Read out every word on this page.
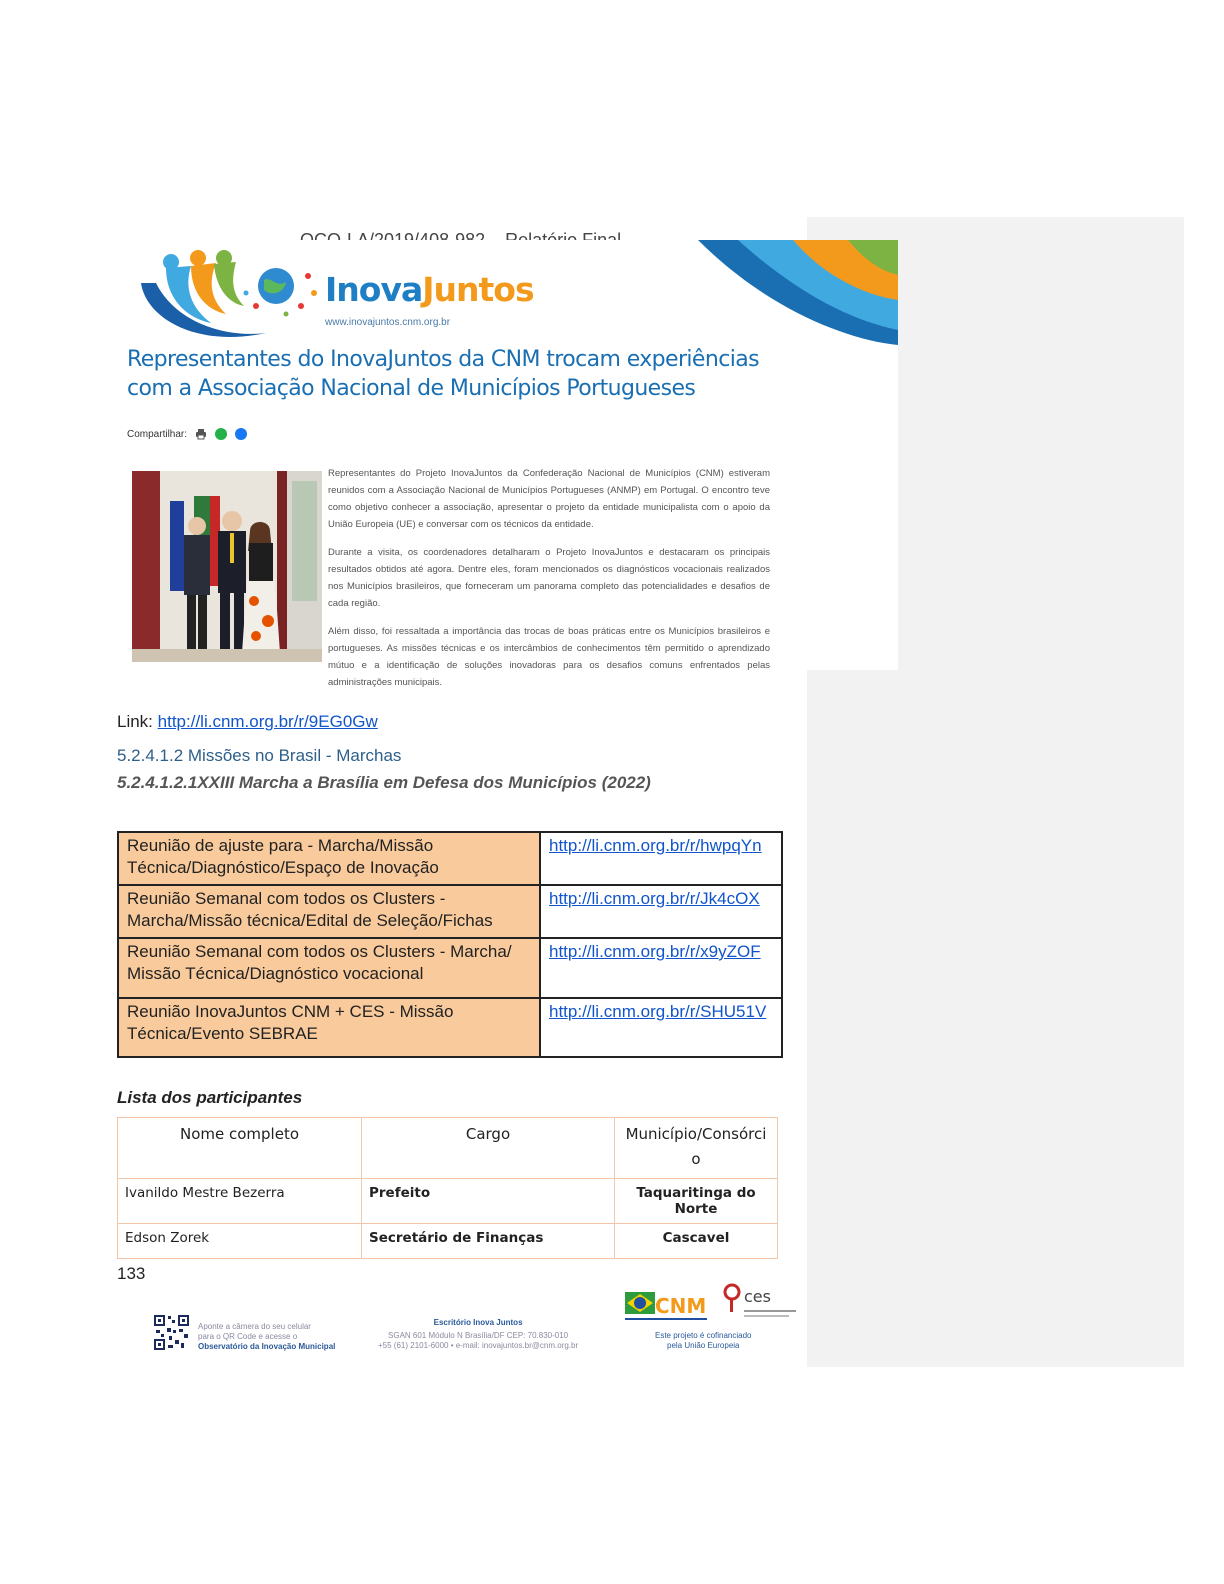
InovaJuntos
www.inovajuntos.cnm.org.br
Representantes do InovaJuntos da CNM trocam experiências com a Associação Nacional de Municípios Portugueses
Compartilhar:

Representantes do Projeto InovaJuntos da Confederação Nacional de Municípios (CNM) estiveram reunidos com a Associação Nacional de Municípios Portugueses (ANMP) em Portugal. O encontro teve como objetivo conhecer a associação, apresentar o projeto da entidade municipalista com o apoio da União Europeia (UE) e conversar com os técnicos da entidade.

Durante a visita, os coordenadores detalharam o Projeto InovaJuntos e destacaram os principais resultados obtidos até agora. Dentre eles, foram mencionados os diagnósticos vocacionais realizados nos Municípios brasileiros, que forneceram um panorama completo das potencialidades e desafios de cada região.

Além disso, foi ressaltada a importância das trocas de boas práticas entre os Municípios brasileiros e portugueses. As missões técnicas e os intercâmbios de conhecimentos têm permitido o aprendizado mútuo e a identificação de soluções inovadoras para os desafios comuns enfrentados pelas administrações municipais.

Link: http://li.cnm.org.br/r/9EG0Gw
5.2.4.1.2 Missões no Brasil - Marchas
5.2.4.1.2.1XXIII Marcha a Brasília em Defesa dos Municípios (2022)
Reunião de ajuste para - Marcha/Missão Técnica/Diagnóstico/Espaço de Inovação	http://li.cnm.org.br/r/hwpqYn
Reunião Semanal com todos os Clusters - Marcha/Missão técnica/Edital de Seleção/Fichas	http://li.cnm.org.br/r/Jk4cOX
Reunião Semanal com todos os Clusters - Marcha/ Missão Técnica/Diagnóstico vocacional	http://li.cnm.org.br/r/x9yZOF
Reunião InovaJuntos CNM + CES - Missão Técnica/Evento SEBRAE	http://li.cnm.org.br/r/SHU51V
Lista dos participantes
Nome completo	Cargo	Município/Consórci o
Ivanildo Mestre Bezerra	Prefeito	Taquaritinga do Norte
Edson Zorek	Secretário de Finanças	Cascavel
133
Aponte a câmera do seu celular
para o QR Code e acesse o
Observatório da Inovação Municipal
Escritório Inova Juntos
SGAN 601 Módulo N Brasília/DF CEP: 70.830-010
+55 (61) 2101-6000 • e-mail: inovajuntos.br@cnm.org.br
CNM ces
Este projeto é cofinanciado
pela União Europeia
